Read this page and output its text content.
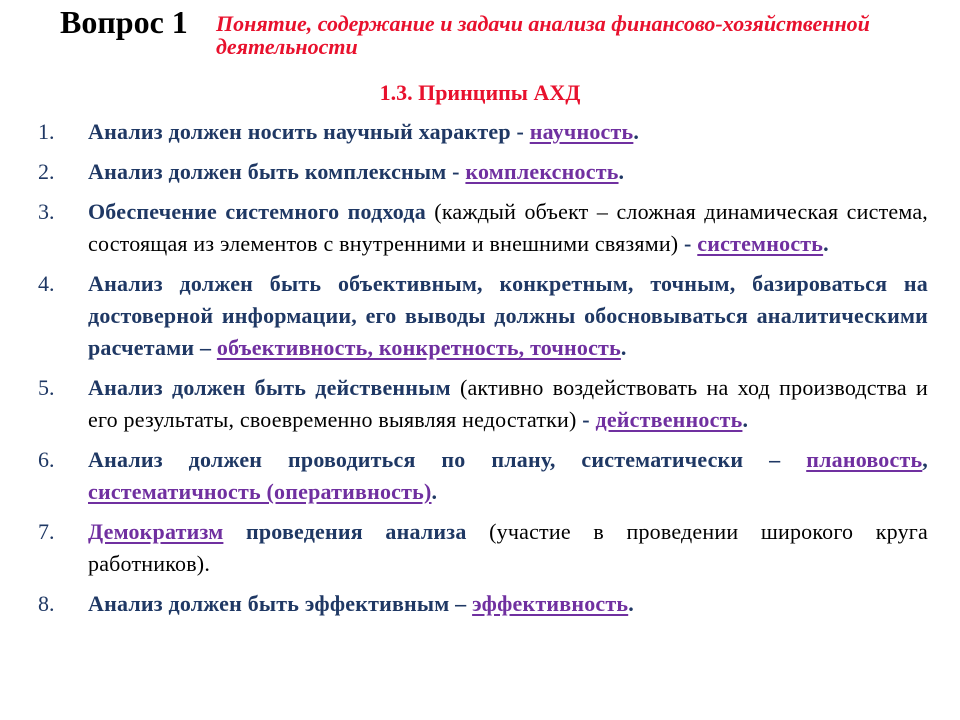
Вопрос 1 Понятие, содержание и задачи анализа финансово-хозяйственной деятельности
1.3. Принципы АХД
1. Анализ должен носить научный характер - научность.
2. Анализ должен быть комплексным - комплексность.
3. Обеспечение системного подхода (каждый объект – сложная динамическая система, состоящая из элементов с внутренними и внешними связями) - системность.
4. Анализ должен быть объективным, конкретным, точным, базироваться на достоверной информации, его выводы должны обосновываться аналитическими расчетами – объективность, конкретность, точность.
5. Анализ должен быть действенным (активно воздействовать на ход производства и его результаты, своевременно выявляя недостатки) - действенность.
6. Анализ должен проводиться по плану, систематически – плановость, систематичность (оперативность).
7. Демократизм проведения анализа (участие в проведении широкого круга работников).
8. Анализ должен быть эффективным – эффективность.
